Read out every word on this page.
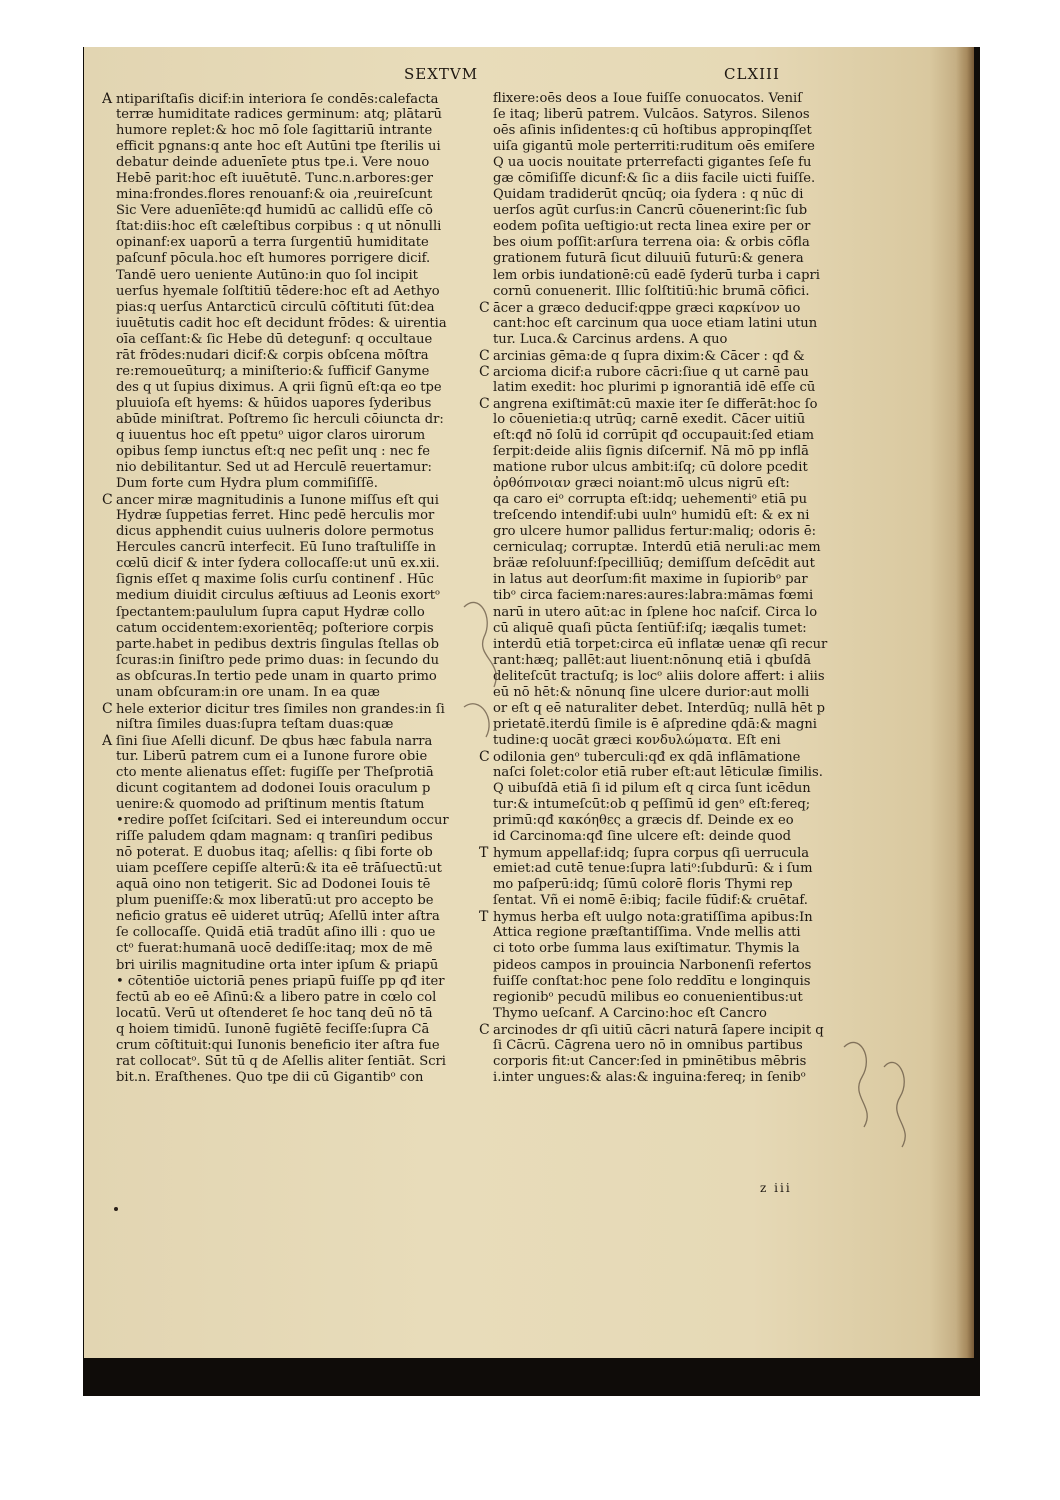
SEXTVM	CLXIII
A ntipariſtaſis dicif:in interiora ſe condēs:calefacta
terræ humiditate radices germinum: atq; plātarū
humore replet:& hoc mō ſole ſagittariū intrante
efficit pgnans:q ante hoc eſt Autūni tpe ſterilis ui
debatur deinde aduenīete ptus tpe.i. Vere nouo
Hebē parit:hoc eſt iuuētutē. Tunc.n.arbores:ger
mina:frondes.flores renouanf:& oia ,reuireſcunt
Sic Vere aduenīēte:qđ humidū ac callidū eſſe cō
ſtat:diis:hoc eſt cæleſtibus corpibus : q ut nōnulli
opinanf:ex uaporū a terra ſurgentiū humiditate
paſcunf pōcula.hoc eſt humores porrigere dicif.
Tandē uero ueniente Autūno:in quo ſol incipit
uerſus hyemale ſolſtitiū tēdere:hoc eſt ad Aethyo
pias:q uerſus Antarcticū circulū cōſtituti ſūt:dea
iuuētutis cadit hoc eſt decidunt frōdes: & uirentia
oīa ceſſant:& ſic Hebe dū detegunf: q occultaue
rāt frōdes:nudari dicif:& corpis obſcena mōſtra
re:remoueūturq; a miniſterio:& ſufficif Ganyme
des q ut ſupius diximus. A qrii ſignū eſt:qa eo tpe
pluuioſa eſt hyems: & hūidos uapores ſyderibus
abūde miniſtrat. Poſtremo ſic herculi cōiuncta dr:
q iuuentus hoc eſt ppetuᵒ uigor claros uirorum
opibus ſemp iunctus eſt:q nec peſit unq : nec fe
nio debilitantur. Sed ut ad Herculē reuertamur:
Dum forte cum Hydra plum commiſiſſē.
C ancer miræ magnitudinis a Iunone miſſus eſt qui
Hydræ ſuppetias ferret. Hinc pedē herculis mor
dicus apphendit cuius uulneris dolore permotus
Hercules cancrū interfecit. Eū Iuno traſtuliſſe in
cœlū dicif & inter ſydera collocaſſe:ut unū ex.xii.
ſignis eſſet q maxime ſolis curſu continenf . Hūc
medium diuidit circulus æſtiuus ad Leonis exortᵒ
ſpectantem:paululum ſupra caput Hydræ collo
catum occidentem:exorientēq; poſteriore corpis
parte.habet in pedibus dextris ſingulas ſtellas ob
ſcuras:in ſiniſtro pede primo duas: in ſecundo du
as obſcuras.In tertio pede unam in quarto primo
unam obſcuram:in ore unam. In ea quæ
C hele exterior dicitur tres ſimiles non grandes:in ſi
niſtra ſimiles duas:ſupra teſtam duas:quæ
A ſini ſiue Aſelli dicunf. De qbus hæc fabula narra
tur. Liberū patrem cum ei a Iunone furore obie
cto mente alienatus eſſet: fugiſſe per Theſprotiā
dicunt cogitantem ad dodonei Iouis oraculum p
uenire:& quomodo ad priſtinum mentis ſtatum
•redire poſſet ſciſcitari. Sed ei intereundum occur
riſſe paludem qdam magnam: q tranſiri pedibus
nō poterat. E duobus itaq; aſellis: q ſibi forte ob
uiam pceſſere cepiſſe alterū:& ita eē trāſuectū:ut
aquā oino non tetigerit. Sic ad Dodonei Iouis tē
plum pueniſſe:& mox liberatū:ut pro accepto be
neficio gratus eē uideret utrūq; Aſellū inter aſtra
ſe collocaſſe. Quidā etiā tradūt aſino illi : quo ue
ctᵒ fuerat:humanā uocē dediſſe:itaq; mox de mē
bri uirilis magnitudine orta inter ipſum & priapū
• cōtentiōe uictoriā penes priapū fuiſſe pp qđ iter
fectū ab eo eē Aſinū:& a libero patre in cœlo col
locatū. Verū ut oſtenderet ſe hoc tanq deū nō tā
q hoiem timidū. Iunonē fugiētē feciſſe:ſupra Cā
crum cōſtituit:qui Iunonis beneficio iter aſtra fue
rat collocatᵒ. Sūt tū q de Aſellis aliter ſentiāt. Scri
bit.n. Eraſthenes. Quo tpe dii cū Gigantibᵒ con
flixere:oēs deos a Ioue fuiſſe conuocatos. Veniſ
ſe itaq; liberū patrem. Vulcāos. Satyros. Silenos
oēs aſinis inſidentes:q cū hoſtibus appropinqſſet
uiſa gigantū mole perterriti:ruditum oēs emiſere
Q ua uocis nouitate prterrefacti gigantes ſeſe fu
gæ cōmiſiſſe dicunf:& ſic a diis facile uicti fuiſſe.
Quidam tradiderūt qncūq; oia ſydera : q nūc di
uerſos agūt curſus:in Cancrū cōuenerint:ſic ſub
eodem poſita ueſtigio:ut recta linea exire per or
bes oium poſſit:arſura terrena oia: & orbis cōfla
grationem futurā ſicut diluuiū futurū:& genera
lem orbis iundationē:cū eadē ſyderū turba i capri
cornū conuenerit. Illic ſolſtitiū:hic brumā cōfici.
C ācer a græco deducif:qppe græci καρκίνον uo
cant:hoc eſt carcinum qua uoce etiam latini utun
tur. Luca.& Carcinus ardens. A quo
C arcinias gēma:de q ſupra dixim:& Cācer : qđ &
C arcioma dicif:a rubore cācri:ſiue q ut carnē pau
latim exedit: hoc plurimi p ignorantiā idē eſſe cū
C angrena exiſtimāt:cū maxie iter ſe differāt:hoc ſo
lo cōuenietia:q utrūq; carnē exedit. Cācer uitiū
eſt:qđ nō ſolū id corrūpit qđ occupauit:ſed etiam
ſerpit:deide aliis ſignis diſcernif. Nā mō pp inflā
matione rubor ulcus ambit:iſq; cū dolore pcedit
ὀρθόπνοιαν græci noiant:mō ulcus nigrū eſt:
qa caro eiᵒ corrupta eſt:idq; uehementiᵒ etiā pu
treſcendo intendif:ubi uulnᵒ humidū eſt: & ex ni
gro ulcere humor pallidus fertur:maliq; odoris ē:
cerniculaq; corruptæ. Interdū etiā neruli:ac mem
bräæ reſoluunf:ſpecilliūq; demiſſum deſcēdit aut
in latus aut deorſum:fit maxime in ſupioribᵒ par
tibᵒ circa faciem:nares:aures:labra:māmas fœmi
narū in utero aūt:ac in ſplene hoc naſcif. Circa lo
cū aliquē quaſi pūcta ſentiūf:iſq; iæqalis tumet:
interdū etiā torpet:circa eū inflatæ uenæ qſi recur
rant:hæq; pallēt:aut liuent:nōnunq etiā i qbuſdā
deliteſcūt tractuſq; is locᵒ aliis dolore affert: i aliis
eū nō hēt:& nōnunq ſine ulcere durior:aut molli
or eſt q eē naturaliter debet. Interdūq; nullā hēt p
prietatē.iterdū ſimile is ē aſpredine qdā:& magni
tudine:q uocāt græci κονδυλώματα. Eſt eni
C odilonia genᵒ tuberculi:qđ ex qdā inflāmatione
naſci ſolet:color etiā ruber eſt:aut lēticulæ ſimilis.
Q uibuſdā etiā ſi id pilum eſt q circa ſunt icēdun
tur:& intumeſcūt:ob q peſſimū id genᵒ eſt:fereq;
primū:qđ κακόηθες a græcis df. Deinde ex eo
id Carcinoma:qđ ſine ulcere eſt: deinde quod
T hymum appellaf:idq; ſupra corpus qſi uerrucula
emiet:ad cutē tenue:ſupra latiᵒ:ſubdurū: & i ſum
mo paſperū:idq; ſūmū colorē floris Thymi rep
ſentat. Vñ ei nomē ē:ibiq; facile fūdif:& cruētaf.
T hymus herba eſt uulgo nota:gratiſſima apibus:In
Attica regione præſtantiſſima. Vnde mellis atti
ci toto orbe ſumma laus exiſtimatur. Thymis la
pideos campos in prouincia Narbonenſi refertos
fuiſſe conſtat:hoc pene ſolo reddītu e longinquis
regionibᵒ pecudū milibus eo conuenientibus:ut
Thymo ueſcanf. A Carcino:hoc eſt Cancro
C arcinodes dr qſi uitiū cācri naturā ſapere incipit q
ſi Cācrū. Cāgrena uero nō in omnibus partibus
corporis fit:ut Cancer:ſed in pminētibus mēbris
i.inter ungues:& alas:& inguina:fereq; in ſenibᵒ
z iii
